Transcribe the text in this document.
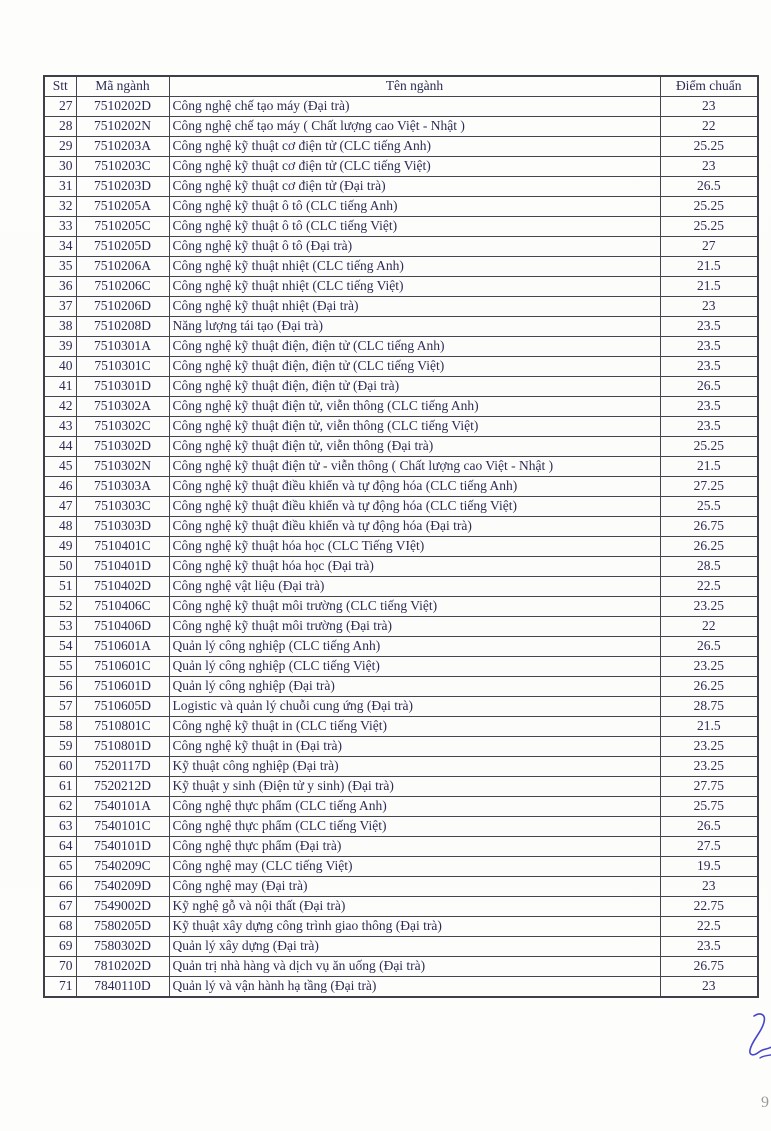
Stt	Mã ngành	Tên ngành	Điểm chuẩn
27	7510202D	Công nghệ chế tạo máy (Đại trà)	23
28	7510202N	Công nghệ chế tạo máy ( Chất lượng cao Việt - Nhật )	22
29	7510203A	Công nghệ kỹ thuật cơ điện tử (CLC tiếng Anh)	25.25
30	7510203C	Công nghệ kỹ thuật cơ điện tử (CLC tiếng Việt)	23
31	7510203D	Công nghệ kỹ thuật cơ điện tử (Đại trà)	26.5
32	7510205A	Công nghệ kỹ thuật ô tô (CLC tiếng Anh)	25.25
33	7510205C	Công nghệ kỹ thuật ô tô (CLC tiếng Việt)	25.25
34	7510205D	Công nghệ kỹ thuật ô tô (Đại trà)	27
35	7510206A	Công nghệ kỹ thuật nhiệt (CLC tiếng Anh)	21.5
36	7510206C	Công nghệ kỹ thuật nhiệt (CLC tiếng Việt)	21.5
37	7510206D	Công nghệ kỹ thuật nhiệt (Đại trà)	23
38	7510208D	Năng lượng tái tạo (Đại trà)	23.5
39	7510301A	Công nghệ kỹ thuật điện, điện tử (CLC tiếng Anh)	23.5
40	7510301C	Công nghệ kỹ thuật điện, điện tử (CLC tiếng Việt)	23.5
41	7510301D	Công nghệ kỹ thuật điện, điện tử (Đại trà)	26.5
42	7510302A	Công nghệ kỹ thuật điện tử, viễn thông (CLC tiếng Anh)	23.5
43	7510302C	Công nghệ kỹ thuật điện tử, viễn thông (CLC tiếng Việt)	23.5
44	7510302D	Công nghệ kỹ thuật điện tử, viễn thông (Đại trà)	25.25
45	7510302N	Công nghệ kỹ thuật điện tử - viễn thông ( Chất lượng cao Việt - Nhật )	21.5
46	7510303A	Công nghệ kỹ thuật điều khiển và tự động hóa (CLC tiếng Anh)	27.25
47	7510303C	Công nghệ kỹ thuật điều khiển và tự động hóa (CLC tiếng Việt)	25.5
48	7510303D	Công nghệ kỹ thuật điều khiển và tự động hóa (Đại trà)	26.75
49	7510401C	Công nghệ kỹ thuật hóa học (CLC Tiếng VIệt)	26.25
50	7510401D	Công nghệ kỹ thuật hóa học (Đại trà)	28.5
51	7510402D	Công nghệ vật liệu (Đại trà)	22.5
52	7510406C	Công nghệ kỹ thuật môi trường (CLC tiếng Việt)	23.25
53	7510406D	Công nghệ kỹ thuật môi trường (Đại trà)	22
54	7510601A	Quản lý công nghiệp (CLC tiếng Anh)	26.5
55	7510601C	Quản lý công nghiệp (CLC tiếng Việt)	23.25
56	7510601D	Quản lý công nghiệp (Đại trà)	26.25
57	7510605D	Logistic và quản lý chuỗi cung ứng (Đại trà)	28.75
58	7510801C	Công nghệ kỹ thuật in (CLC tiếng Việt)	21.5
59	7510801D	Công nghệ kỹ thuật in (Đại trà)	23.25
60	7520117D	Kỹ thuật công nghiệp (Đại trà)	23.25
61	7520212D	Kỹ thuật y sinh (Điện tử y sinh) (Đại trà)	27.75
62	7540101A	Công nghệ thực phẩm (CLC tiếng Anh)	25.75
63	7540101C	Công nghệ thực phẩm (CLC tiếng Việt)	26.5
64	7540101D	Công nghệ thực phẩm (Đại trà)	27.5
65	7540209C	Công nghệ may (CLC tiếng Việt)	19.5
66	7540209D	Công nghệ may (Đại trà)	23
67	7549002D	Kỹ nghệ gỗ và nội thất (Đại trà)	22.75
68	7580205D	Kỹ thuật xây dựng công trình giao thông (Đại trà)	22.5
69	7580302D	Quản lý xây dựng (Đại trà)	23.5
70	7810202D	Quản trị nhà hàng và dịch vụ ăn uống (Đại trà)	26.75
71	7840110D	Quản lý và vận hành hạ tầng (Đại trà)	23
9
